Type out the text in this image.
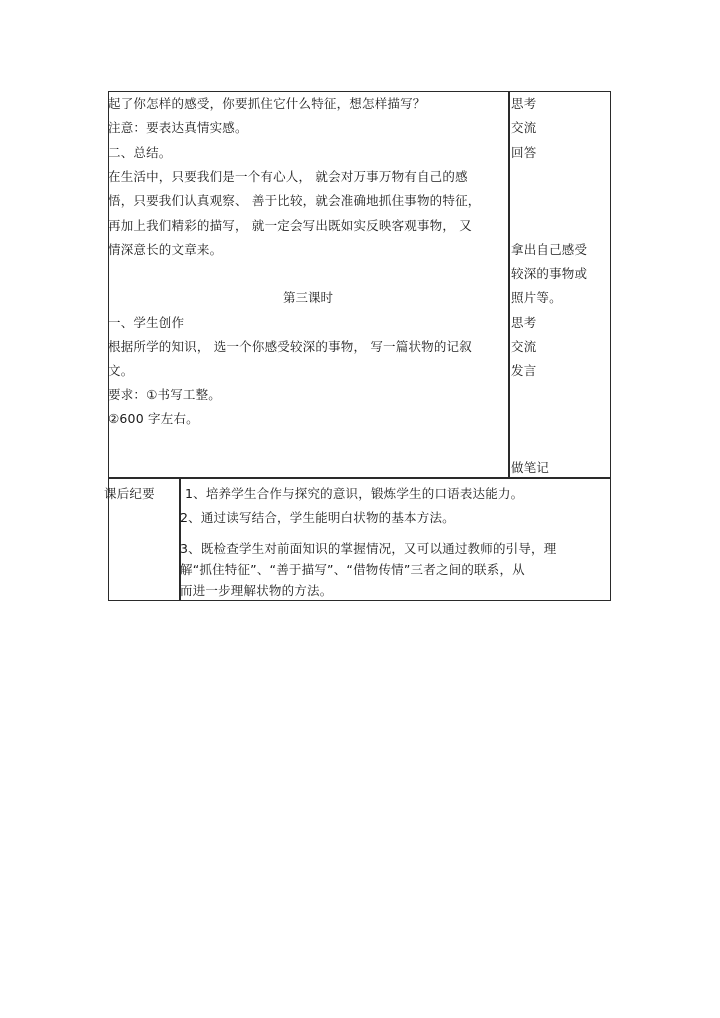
起了你怎样的感受，你要抓住它什么特征，想怎样描写？
注意：要表达真情实感。
二、总结。
在生活中，只要我们是一个有心人， 就会对万事万物有自己的感
悟，只要我们认真观察、 善于比较，就会准确地抓住事物的特征，
再加上我们精彩的描写， 就一定会写出既如实反映客观事物， 又
情深意长的文章来。
第三课时
一、学生创作
根据所学的知识， 选一个你感受较深的事物， 写一篇状物的记叙
文。
要求：①书写工整。
②600 字左右。
思考
交流
回答
拿出自己感受
较深的事物或
照片等。
思考
交流
发言
做笔记
课后纪要 1、培养学生合作与探究的意识，锻炼学生的口语表达能力。
2、通过读写结合，学生能明白状物的基本方法。
3、既检查学生对前面知识的掌握情况，又可以通过教师的引导，理
解“抓住特征”、“善于描写”、“借物传情”三者之间的联系，从
而进一步理解状物的方法。
